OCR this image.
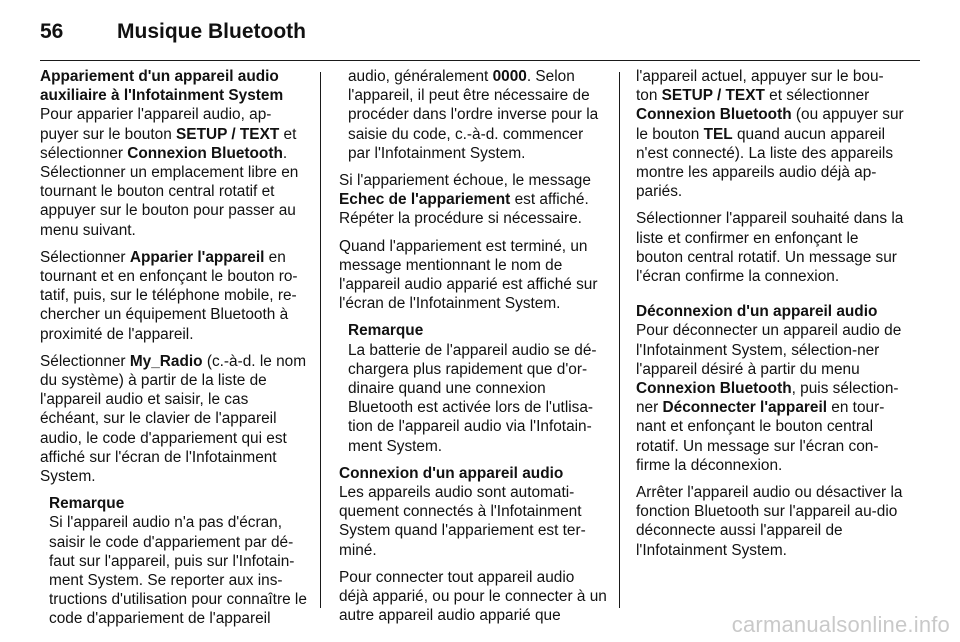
56	Musique Bluetooth

Appariement d'un appareil audio auxiliaire à l'Infotainment System

Pour apparier l'appareil audio, ap-puyer sur le bouton SETUP / TEXT et sélectionner Connexion Bluetooth. Sélectionner un emplacement libre en tournant le bouton central rotatif et appuyer sur le bouton pour passer au menu suivant.

Sélectionner Apparier l'appareil en tournant et en enfonçant le bouton ro-tatif, puis, sur le téléphone mobile, re-chercher un équipement Bluetooth à proximité de l'appareil.

Sélectionner My_Radio (c.-à-d. le nom du système) à partir de la liste de l'appareil audio et saisir, le cas échéant, sur le clavier de l'appareil audio, le code d'appariement qui est affiché sur l'écran de l'Infotainment System.

Remarque

Si l'appareil audio n'a pas d'écran, saisir le code d'appariement par dé-faut sur l'appareil, puis sur l'Infotain-ment System. Se reporter aux ins-tructions d'utilisation pour connaître le code d'appariement de l'appareil

audio, généralement 0000. Selon l'appareil, il peut être nécessaire de procéder dans l'ordre inverse pour la saisie du code, c.-à-d. commencer par l'Infotainment System.

Si l'appariement échoue, le message Echec de l'appariement est affiché. Répéter la procédure si nécessaire.

Quand l'appariement est terminé, un message mentionnant le nom de l'appareil audio apparié est affiché sur l'écran de l'Infotainment System.

Remarque

La batterie de l'appareil audio se dé-chargera plus rapidement que d'or-dinaire quand une connexion Bluetooth est activée lors de l'utlisa-tion de l'appareil audio via l'Infotain-ment System.

Connexion d'un appareil audio

Les appareils audio sont automati-quement connectés à l'Infotainment System quand l'appariement est ter-miné.

Pour connecter tout appareil audio déjà apparié, ou pour le connecter à un autre appareil audio apparié que

l'appareil actuel, appuyer sur le bou-ton SETUP / TEXT et sélectionner Connexion Bluetooth (ou appuyer sur le bouton TEL quand aucun appareil n'est connecté). La liste des appareils montre les appareils audio déjà ap-pariés.

Sélectionner l'appareil souhaité dans la liste et confirmer en enfonçant le bouton central rotatif. Un message sur l'écran confirme la connexion.

Déconnexion d'un appareil audio

Pour déconnecter un appareil audio de l'Infotainment System, sélection-ner l'appareil désiré à partir du menu Connexion Bluetooth, puis sélection-ner Déconnecter l'appareil en tour-nant et enfonçant le bouton central rotatif. Un message sur l'écran con-firme la déconnexion.

Arrêter l'appareil audio ou désactiver la fonction Bluetooth sur l'appareil au-dio déconnecte aussi l'appareil de l'Infotainment System.

carmanualsonline.info
